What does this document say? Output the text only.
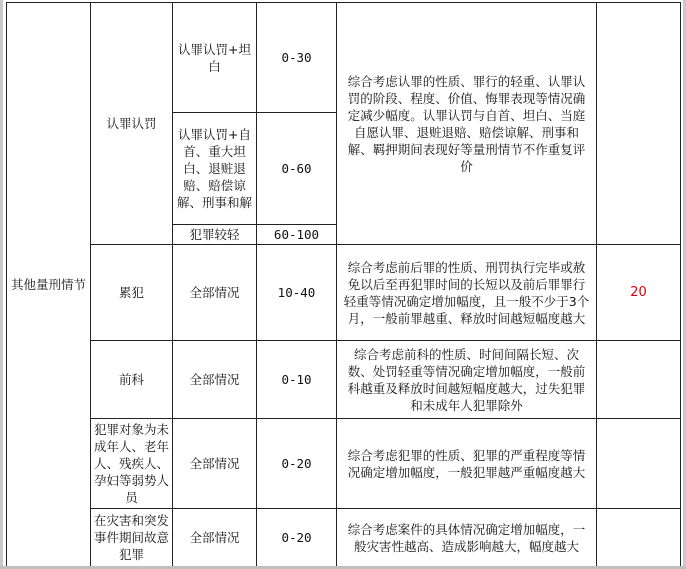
其他量刑情节	认罪认罚	认罪认罚+坦白	0-30	综合考虑认罪的性质、罪行的轻重、认罪认罚的阶段、程度、价值、悔罪表现等情况确定减少幅度。认罪认罚与自首、坦白、当庭自愿认罪、退赃退赔、赔偿谅解、刑事和解、羁押期间表现好等量刑情节不作重复评价	
		认罪认罚+自首、重大坦白、退赃退赔、赔偿谅解、刑事和解	0-60		
		犯罪较轻	60-100		
	累犯	全部情况	10-40	综合考虑前后罪的性质、刑罚执行完毕或赦免以后至再犯罪时间的长短以及前后罪罪行轻重等情况确定增加幅度，且一般不少于3个月，一般前罪越重、释放时间越短幅度越大	20
	前科	全部情况	0-10	综合考虑前科的性质、时间间隔长短、次数、处罚轻重等情况确定增加幅度，一般前科越重及释放时间越短幅度越大，过失犯罪和未成年人犯罪除外	
	犯罪对象为未成年人、老年人、残疾人、孕妇等弱势人员	全部情况	0-20	综合考虑犯罪的性质、犯罪的严重程度等情况确定增加幅度，一般犯罪越严重幅度越大	
	在灾害和突发事件期间故意犯罪	全部情况	0-20	综合考虑案件的具体情况确定增加幅度，一般灾害性越高、造成影响越大，幅度越大	
